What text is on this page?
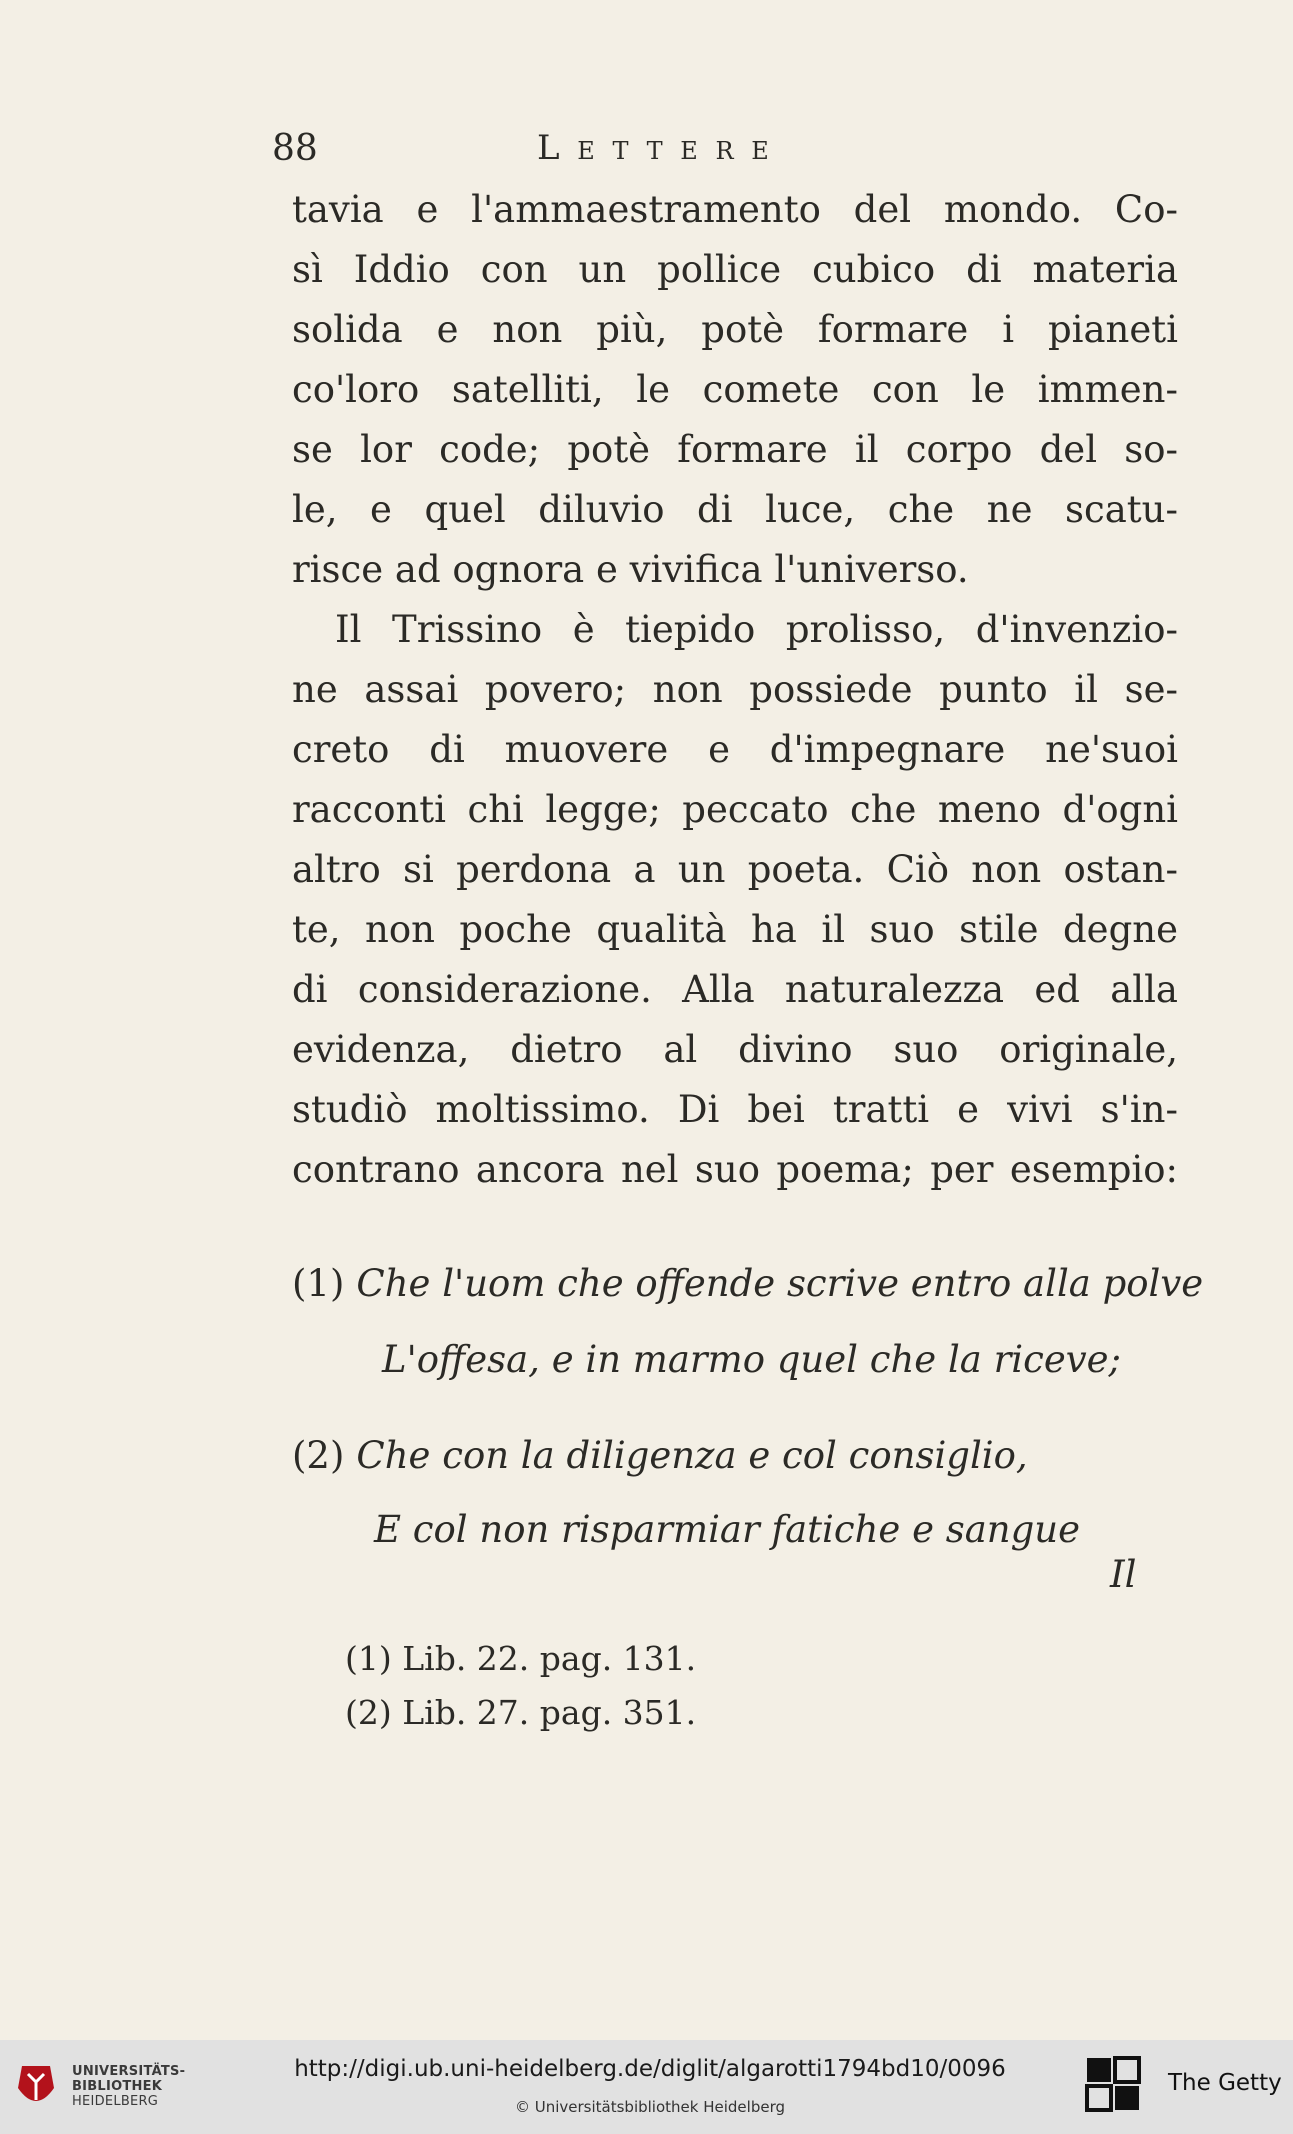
88	Lettere
tavia e l'ammaestramento del mondo. Co-
sì Iddio con un pollice cubico di materia
solida e non più, potè formare i pianeti
co'loro satelliti, le comete con le immen-
se lor code; potè formare il corpo del so-
le, e quel diluvio di luce, che ne scatu-
risce ad ognora e vivifica l'universo.
Il Trissino è tiepido prolisso, d'invenzio-
ne assai povero; non possiede punto il se-
creto di muovere e d'impegnare ne'suoi
racconti chi legge; peccato che meno d'ogni
altro si perdona a un poeta. Ciò non ostan-
te, non poche qualità ha il suo stile degne
di considerazione. Alla naturalezza ed alla
evidenza, dietro al divino suo originale,
studiò moltissimo. Di bei tratti e vivi s'in-
contrano ancora nel suo poema; per esempio:
(1) Che l'uom che offende scrive entro alla polve
L'offesa, e in marmo quel che la riceve;
(2) Che con la diligenza e col consiglio,
E col non risparmiar fatiche e sangue
Il
(1) Lib. 22. pag. 131.
(2) Lib. 27. pag. 351.
UNIVERSITÄTS-
BIBLIOTHEK
HEIDELBERG
http://digi.ub.uni-heidelberg.de/diglit/algarotti1794bd10/0096
© Universitätsbibliothek Heidelberg
The Getty
